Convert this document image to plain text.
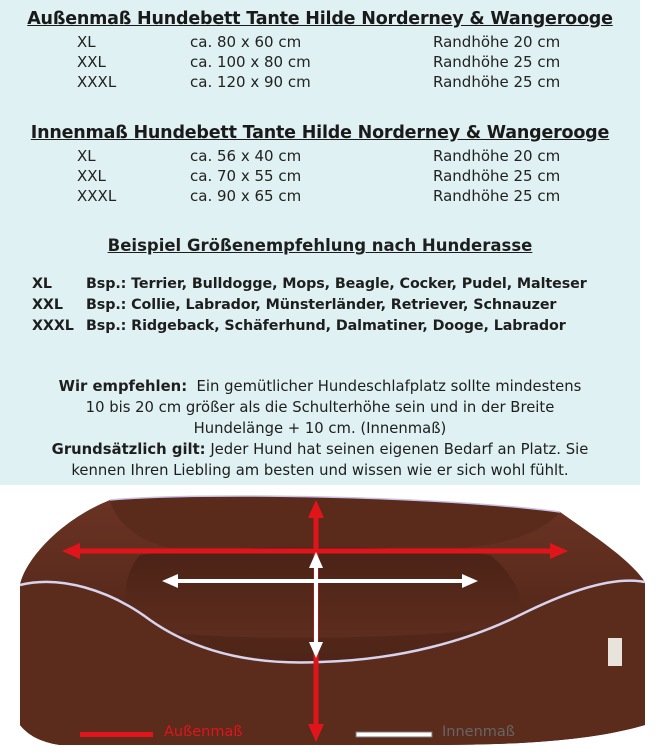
Außenmaß Hundebett Tante Hilde Norderney & Wangerooge
XL	ca. 80 x 60 cm	Randhöhe 20 cm
XXL	ca. 100 x 80 cm	Randhöhe 25 cm
XXXL	ca. 120 x 90 cm	Randhöhe 25 cm
Innenmaß Hundebett Tante Hilde Norderney & Wangerooge
XL	ca. 56 x 40 cm	Randhöhe 20 cm
XXL	ca. 70 x 55 cm	Randhöhe 25 cm
XXXL	ca. 90 x 65 cm	Randhöhe 25 cm
Beispiel Größenempfehlung nach Hunderasse
XL Bsp.: Terrier, Bulldogge, Mops, Beagle, Cocker, Pudel, Malteser
XXL Bsp.: Collie, Labrador, Münsterländer, Retriever, Schnauzer
XXXL Bsp.: Ridgeback, Schäferhund, Dalmatiner, Dooge, Labrador
Wir empfehlen: Ein gemütlicher Hundeschlafplatz sollte mindestens
10 bis 20 cm größer als die Schulterhöhe sein und in der Breite
Hundelänge + 10 cm. (Innenmaß)
Grundsätzlich gilt: Jeder Hund hat seinen eigenen Bedarf an Platz. Sie
kennen Ihren Liebling am besten und wissen wie er sich wohl fühlt.
Außenmaß	Innenmaß
